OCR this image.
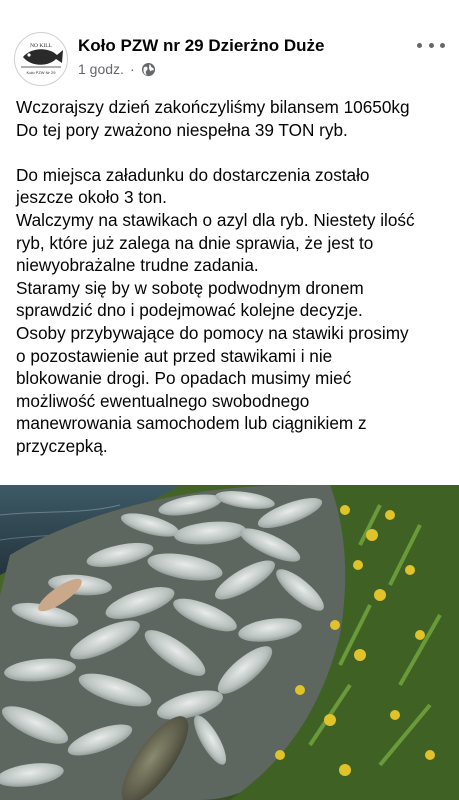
NO KILL
Koło PZW Nr 29
Koło PZW nr 29 Dzierżno Duże
1 godz. ·

Wczorajszy dzień zakończyliśmy bilansem 10650kg

Do tej pory zważono niespełna 39 TON ryb.

Do miejsca załadunku do dostarczenia zostało

jeszcze około 3 ton.

Walczymy na stawikach o azyl dla ryb. Niestety ilość

ryb, które już zalega na dnie sprawia, że jest to

niewyobrażalne trudne zadania.

Staramy się by w sobotę podwodnym dronem

sprawdzić dno i podejmować kolejne decyzje.

Osoby przybywające do pomocy na stawiki prosimy

o pozostawienie aut przed stawikami i nie

blokowanie drogi. Po opadach musimy mieć

możliwość ewentualnego swobodnego

manewrowania samochodem lub ciągnikiem z

przyczepką.
